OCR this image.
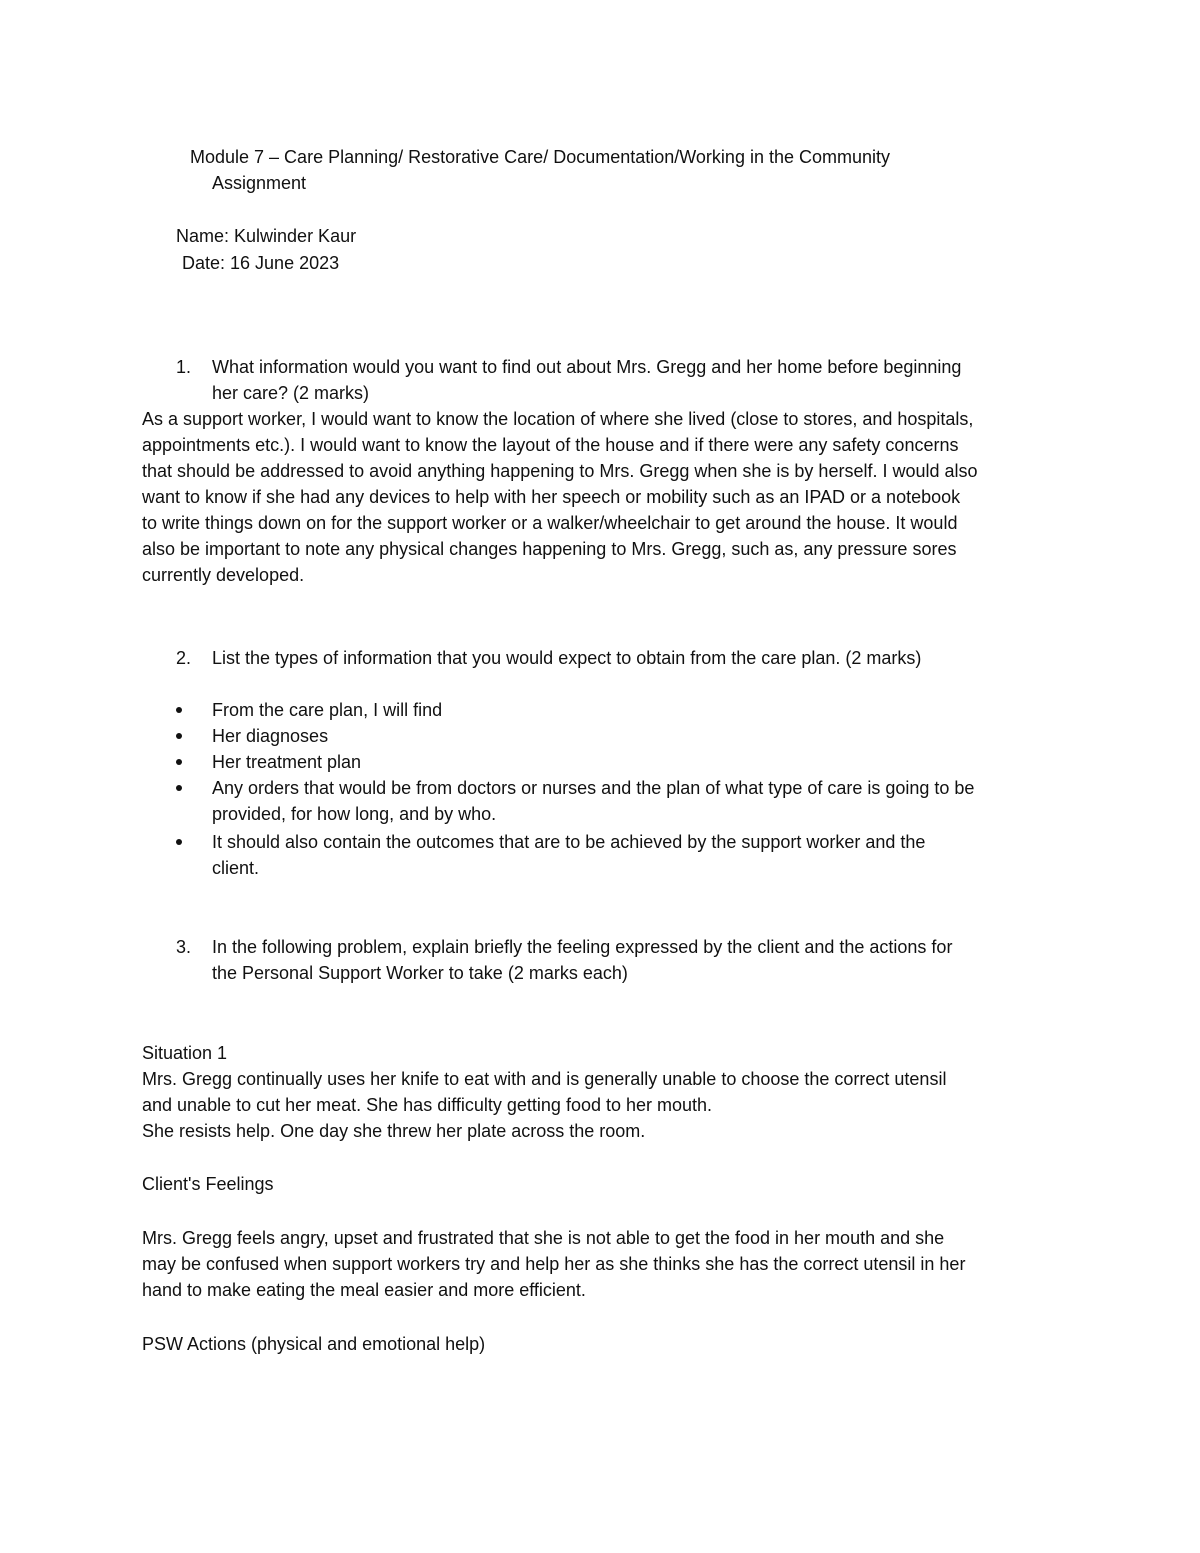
Module 7 – Care Planning/ Restorative Care/ Documentation/Working in the Community
Assignment
Name: Kulwinder Kaur
Date: 16 June 2023
1. What information would you want to find out about Mrs. Gregg and her home before beginning
her care? (2 marks)
As a support worker, I would want to know the location of where she lived (close to stores, and hospitals,
appointments etc.). I would want to know the layout of the house and if there were any safety concerns
that should be addressed to avoid anything happening to Mrs. Gregg when she is by herself. I would also
want to know if she had any devices to help with her speech or mobility such as an IPAD or a notebook
to write things down on for the support worker or a walker/wheelchair to get around the house. It would
also be important to note any physical changes happening to Mrs. Gregg, such as, any pressure sores
currently developed.
2. List the types of information that you would expect to obtain from the care plan. (2 marks)
From the care plan, I will find
Her diagnoses
Her treatment plan
Any orders that would be from doctors or nurses and the plan of what type of care is going to be
provided, for how long, and by who.
It should also contain the outcomes that are to be achieved by the support worker and the
client.
3. In the following problem, explain briefly the feeling expressed by the client and the actions for
the Personal Support Worker to take (2 marks each)
Situation 1
Mrs. Gregg continually uses her knife to eat with and is generally unable to choose the correct utensil
and unable to cut her meat. She has difficulty getting food to her mouth.
She resists help. One day she threw her plate across the room.
Client's Feelings
Mrs. Gregg feels angry, upset and frustrated that she is not able to get the food in her mouth and she
may be confused when support workers try and help her as she thinks she has the correct utensil in her
hand to make eating the meal easier and more efficient.
PSW Actions (physical and emotional help)
